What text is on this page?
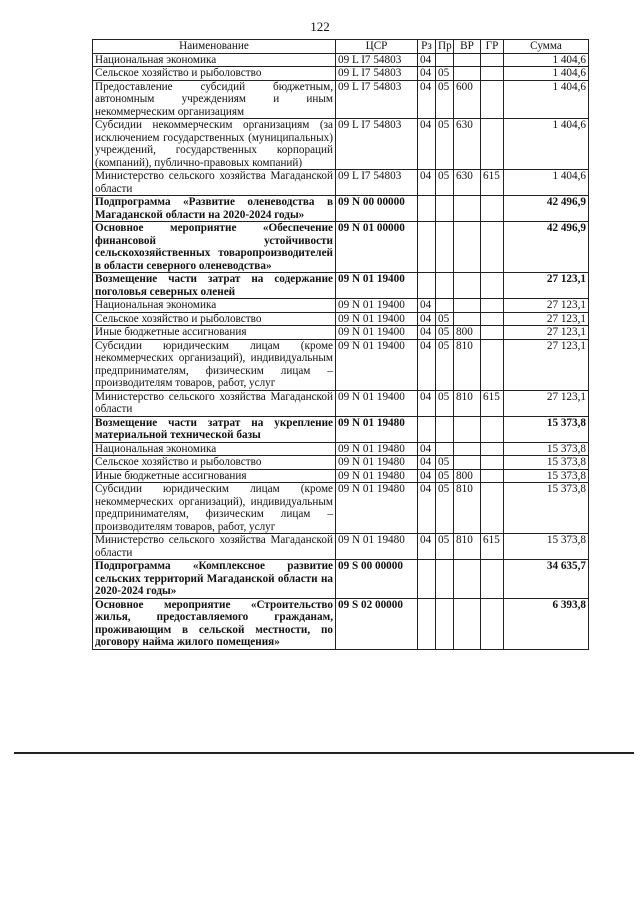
122
Наименование	ЦСР	Рз	Пр	ВР	ГР	Сумма
Национальная экономика	09 L I7 54803	04				1 404,6
Сельское хозяйство и рыболовство	09 L I7 54803	04	05			1 404,6
Предоставление субсидий бюджетным, автономным учреждениям и иным некоммерческим организациям	09 L I7 54803	04	05	600		1 404,6
Субсидии некоммерческим организациям (за исключением государственных (муниципальных) учреждений, государственных корпораций (компаний), публично-правовых компаний)	09 L I7 54803	04	05	630		1 404,6
Министерство сельского хозяйства Магаданской области	09 L I7 54803	04	05	630	615	1 404,6
Подпрограмма «Развитие оленеводства в Магаданской области на 2020-2024 годы»	09 N 00 00000					42 496,9
Основное мероприятие «Обеспечение финансовой устойчивости сельскохозяйственных товаропроизводителей в области северного оленеводства»	09 N 01 00000					42 496,9
Возмещение части затрат на содержание поголовья северных оленей	09 N 01 19400					27 123,1
Национальная экономика	09 N 01 19400	04				27 123,1
Сельское хозяйство и рыболовство	09 N 01 19400	04	05			27 123,1
Иные бюджетные ассигнования	09 N 01 19400	04	05	800		27 123,1
Субсидии юридическим лицам (кроме некоммерческих организаций), индивидуальным предпринимателям, физическим лицам – производителям товаров, работ, услуг	09 N 01 19400	04	05	810		27 123,1
Министерство сельского хозяйства Магаданской области	09 N 01 19400	04	05	810	615	27 123,1
Возмещение части затрат на укрепление материальной технической базы	09 N 01 19480					15 373,8
Национальная экономика	09 N 01 19480	04				15 373,8
Сельское хозяйство и рыболовство	09 N 01 19480	04	05			15 373,8
Иные бюджетные ассигнования	09 N 01 19480	04	05	800		15 373,8
Субсидии юридическим лицам (кроме некоммерческих организаций), индивидуальным предпринимателям, физическим лицам – производителям товаров, работ, услуг	09 N 01 19480	04	05	810		15 373,8
Министерство сельского хозяйства Магаданской области	09 N 01 19480	04	05	810	615	15 373,8
Подпрограмма «Комплексное развитие сельских территорий Магаданской области на 2020-2024 годы»	09 S 00 00000					34 635,7
Основное мероприятие «Строительство жилья, предоставляемого гражданам, проживающим в сельской местности, по договору найма жилого помещения»	09 S 02 00000					6 393,8
